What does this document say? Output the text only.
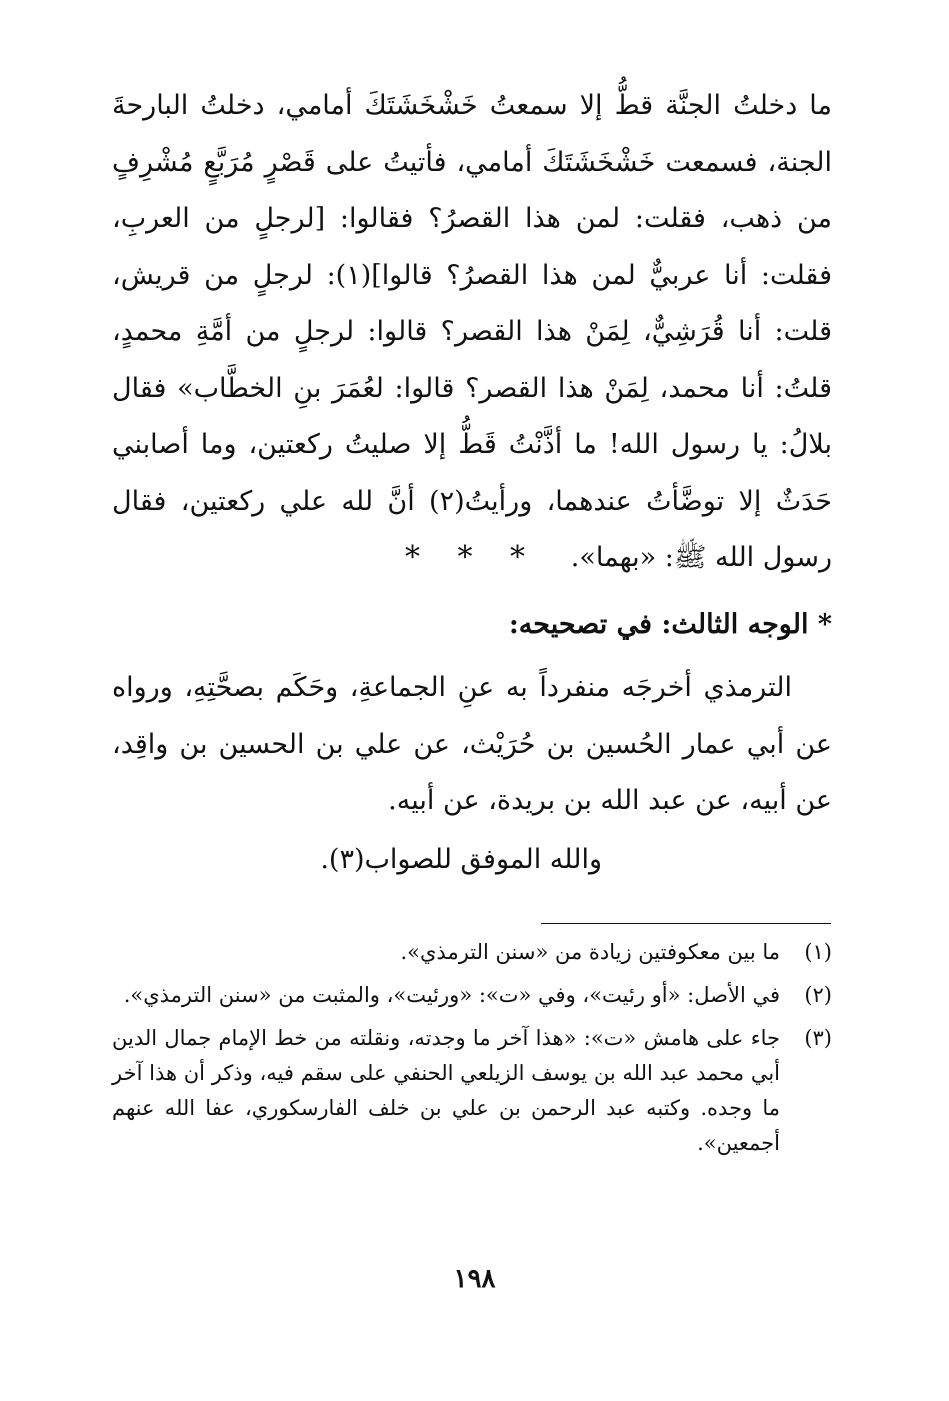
ما دخلتُ الجنَّة قطُّ إلا سمعتُ خَشْخَشَتَكَ أمامي، دخلتُ البارحةَ الجنة، فسمعت خَشْخَشَتَكَ أمامي، فأتيتُ على قَصْرٍ مُرَبَّعٍ مُشْرِفٍ من ذهب، فقلت: لمن هذا القصرُ؟ فقالوا: [لرجلٍ من العربِ، فقلت: أنا عربيٌّ لمن هذا القصرُ؟ قالوا](١): لرجلٍ من قريش، قلت: أنا قُرَشِيٌّ، لِمَنْ هذا القصر؟ قالوا: لرجلٍ من أمَّةِ محمدٍ، قلتُ: أنا محمد، لِمَنْ هذا القصر؟ قالوا: لعُمَرَ بنِ الخطَّاب» فقال بلالُ: يا رسول الله! ما أذَّنْتُ قَطُّ إلا صليتُ ركعتين، وما أصابني حَدَثٌ إلا توضَّأتُ عندهما، ورأيتُ(٢) أنَّ لله علي ركعتين، فقال رسول الله ﷺ: «بهما».

* * *
* الوجه الثالث: في تصحيحه:

الترمذي أخرجَه منفرداً به عنِ الجماعةِ، وحَكَم بصحَّتِهِ، ورواه عن أبي عمار الحُسين بن حُرَيْث، عن علي بن الحسين بن واقِد، عن أبيه، عن عبد الله بن بريدة، عن أبيه.

والله الموفق للصواب(٣).
(١)
ما بين معكوفتين زيادة من «سنن الترمذي».
(٢)
في الأصل: «أو رئيت»، وفي «ت»: «ورئيت»، والمثبت من «سنن الترمذي».
(٣)
جاء على هامش «ت»: «هذا آخر ما وجدته، ونقلته من خط الإمام جمال الدين أبي محمد عبد الله بن يوسف الزيلعي الحنفي على سقم فيه، وذكر أن هذا آخر ما وجده. وكتبه عبد الرحمن بن علي بن خلف الفارسكوري، عفا الله عنهم أجمعين».
١٩٨
